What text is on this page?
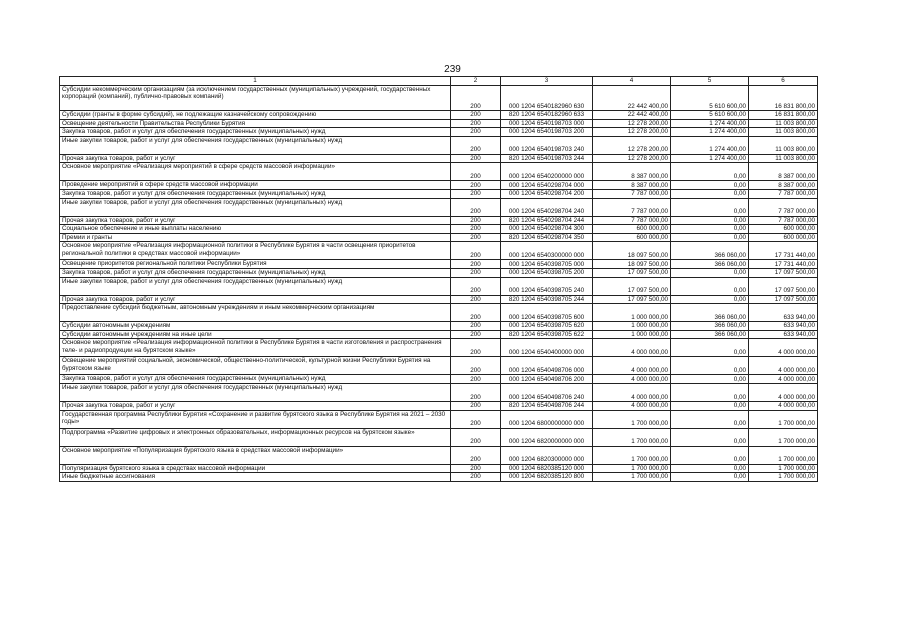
239
1	2	3	4	5	6
Субсидии некоммерческим организациям (за исключением государственных (муниципальных) учреждений, государственных корпораций (компаний), публично-правовых компаний)	200	000 1204 6540182960 630	22 442 400,00	5 610 600,00	16 831 800,00
Субсидии (гранты в форме субсидий), не подлежащие казначейскому сопровождению	200	820 1204 6540182960 633	22 442 400,00	5 610 600,00	16 831 800,00
Освещение деятельности Правительства Республики Бурятия	200	000 1204 6540198703 000	12 278 200,00	1 274 400,00	11 003 800,00
Закупка товаров, работ и услуг для обеспечения государственных (муниципальных) нужд	200	000 1204 6540198703 200	12 278 200,00	1 274 400,00	11 003 800,00
Иные закупки товаров, работ и услуг для обеспечения государственных (муниципальных) нужд	200	000 1204 6540198703 240	12 278 200,00	1 274 400,00	11 003 800,00
Прочая закупка товаров, работ и услуг	200	820 1204 6540198703 244	12 278 200,00	1 274 400,00	11 003 800,00
Основное мероприятие «Реализация мероприятий в сфере средств массовой информации»	200	000 1204 6540200000 000	8 387 000,00	0,00	8 387 000,00
Проведение мероприятий в сфере средств массовой информации	200	000 1204 6540298704 000	8 387 000,00	0,00	8 387 000,00
Закупка товаров, работ и услуг для обеспечения государственных (муниципальных) нужд	200	000 1204 6540298704 200	7 787 000,00	0,00	7 787 000,00
Иные закупки товаров, работ и услуг для обеспечения государственных (муниципальных) нужд	200	000 1204 6540298704 240	7 787 000,00	0,00	7 787 000,00
Прочая закупка товаров, работ и услуг	200	820 1204 6540298704 244	7 787 000,00	0,00	7 787 000,00
Социальное обеспечение и иные выплаты населению	200	000 1204 6540298704 300	600 000,00	0,00	600 000,00
Премии и гранты	200	820 1204 6540298704 350	600 000,00	0,00	600 000,00
Основное мероприятие «Реализация информационной политики в Республике Бурятия в части освещения приоритетов региональной политики в средствах массовой информации»	200	000 1204 6540300000 000	18 097 500,00	366 060,00	17 731 440,00
Освещение приоритетов региональной политики Республики Бурятия	200	000 1204 6540398705 000	18 097 500,00	366 060,00	17 731 440,00
Закупка товаров, работ и услуг для обеспечения государственных (муниципальных) нужд	200	000 1204 6540398705 200	17 097 500,00	0,00	17 097 500,00
Иные закупки товаров, работ и услуг для обеспечения государственных (муниципальных) нужд	200	000 1204 6540398705 240	17 097 500,00	0,00	17 097 500,00
Прочая закупка товаров, работ и услуг	200	820 1204 6540398705 244	17 097 500,00	0,00	17 097 500,00
Предоставление субсидий бюджетным, автономным учреждениям и иным некоммерческим организациям	200	000 1204 6540398705 600	1 000 000,00	366 060,00	633 940,00
Субсидии автономным учреждениям	200	000 1204 6540398705 620	1 000 000,00	366 060,00	633 940,00
Субсидии автономным учреждениям на иные цели	200	820 1204 6540398705 622	1 000 000,00	366 060,00	633 940,00
Основное мероприятие «Реализация информационной политики в Республике Бурятия в части изготовления и распространения теле- и радиопродукции на бурятском языке»	200	000 1204 6540400000 000	4 000 000,00	0,00	4 000 000,00
Освещение мероприятий социальной, экономической, общественно-политической, культурной жизни Республики Бурятия на бурятском языке	200	000 1204 6540498706 000	4 000 000,00	0,00	4 000 000,00
Закупка товаров, работ и услуг для обеспечения государственных (муниципальных) нужд	200	000 1204 6540498706 200	4 000 000,00	0,00	4 000 000,00
Иные закупки товаров, работ и услуг для обеспечения государственных (муниципальных) нужд	200	000 1204 6540498706 240	4 000 000,00	0,00	4 000 000,00
Прочая закупка товаров, работ и услуг	200	820 1204 6540498706 244	4 000 000,00	0,00	4 000 000,00
Государственная программа Республики Бурятия «Сохранение и развитие бурятского языка в Республике Бурятия на 2021 – 2030 годы»	200	000 1204 6800000000 000	1 700 000,00	0,00	1 700 000,00
Подпрограмма «Развитие цифровых и электронных образовательных, информационных ресурсов на бурятском языке»	200	000 1204 6820000000 000	1 700 000,00	0,00	1 700 000,00
Основное мероприятие «Популяризация бурятского языка в средствах массовой информации»	200	000 1204 6820300000 000	1 700 000,00	0,00	1 700 000,00
Популяризация бурятского языка в средствах массовой информации	200	000 1204 6820385120 000	1 700 000,00	0,00	1 700 000,00
Иные бюджетные ассигнования	200	000 1204 6820385120 800	1 700 000,00	0,00	1 700 000,00
